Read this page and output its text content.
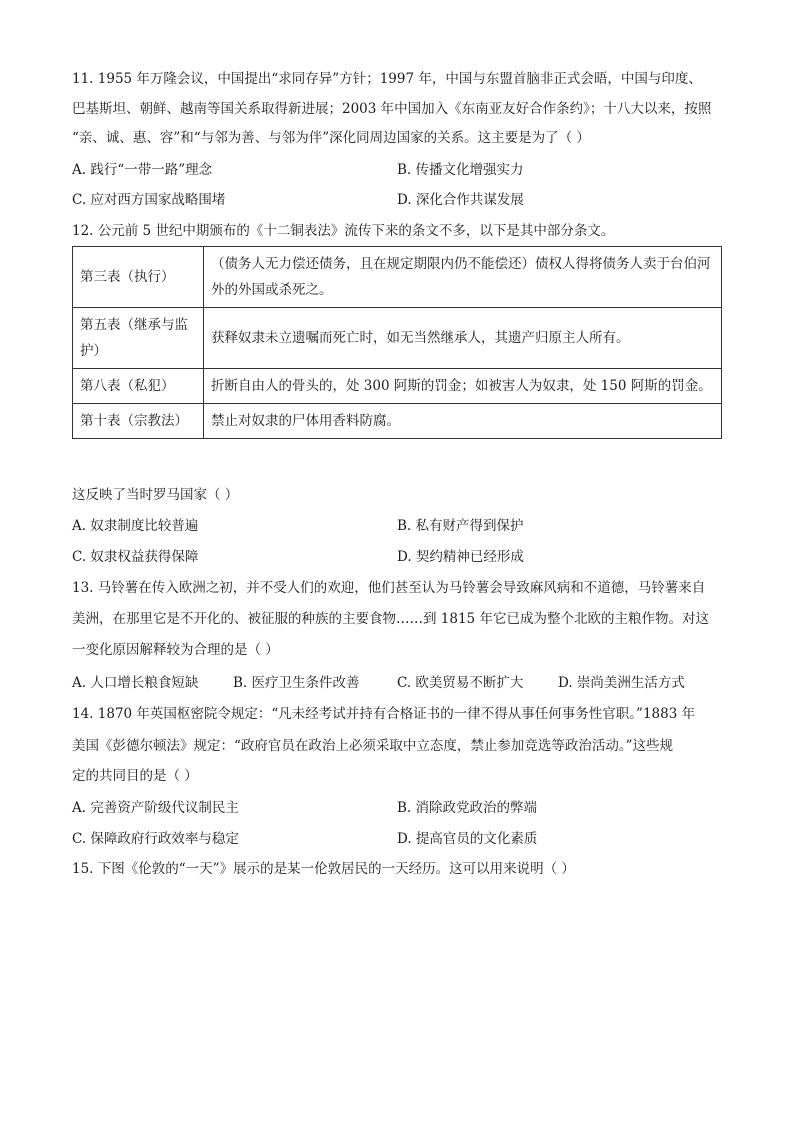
11. 1955 年万隆会议，中国提出“求同存异”方针；1997 年，中国与东盟首脑非正式会晤，中国与印度、
巴基斯坦、朝鲜、越南等国关系取得新进展；2003 年中国加入《东南亚友好合作条约》；十八大以来，按照
“亲、诚、惠、容”和“与邻为善、与邻为伴”深化同周边国家的关系。这主要是为了（ ）
A. 践行“一带一路”理念	B. 传播文化增强实力
C. 应对西方国家战略围堵	D. 深化合作共谋发展
12. 公元前 5 世纪中期颁布的《十二铜表法》流传下来的条文不多，以下是其中部分条文。
第三表（执行）	（债务人无力偿还债务，且在规定期限内仍不能偿还）债权人得将债务人卖于台伯河外的外国或杀死之。
第五表（继承与监护）	获释奴隶未立遗嘱而死亡时，如无当然继承人，其遗产归原主人所有。
第八表（私犯）	折断自由人的骨头的，处 300 阿斯的罚金；如被害人为奴隶，处 150 阿斯的罚金。
第十表（宗教法）	禁止对奴隶的尸体用香料防腐。
这反映了当时罗马国家（ ）
A. 奴隶制度比较普遍	B. 私有财产得到保护
C. 奴隶权益获得保障	D. 契约精神已经形成
13. 马铃薯在传入欧洲之初，并不受人们的欢迎，他们甚至认为马铃薯会导致麻风病和不道德，马铃薯来自
美洲，在那里它是不开化的、被征服的种族的主要食物……到 1815 年它已成为整个北欧的主粮作物。对这
一变化原因解释较为合理的是（ ）
A. 人口增长粮食短缺	B. 医疗卫生条件改善	C. 欧美贸易不断扩大	D. 崇尚美洲生活方式
14. 1870 年英国枢密院令规定：“凡未经考试并持有合格证书的一律不得从事任何事务性官职。”1883 年
美国《彭德尔顿法》规定：“政府官员在政治上必须采取中立态度，禁止参加竞选等政治活动。”这些规
定的共同目的是（ ）
A. 完善资产阶级代议制民主	B. 消除政党政治的弊端
C. 保障政府行政效率与稳定	D. 提高官员的文化素质
15. 下图《伦敦的“一天”》展示的是某一伦敦居民的一天经历。这可以用来说明（ ）
